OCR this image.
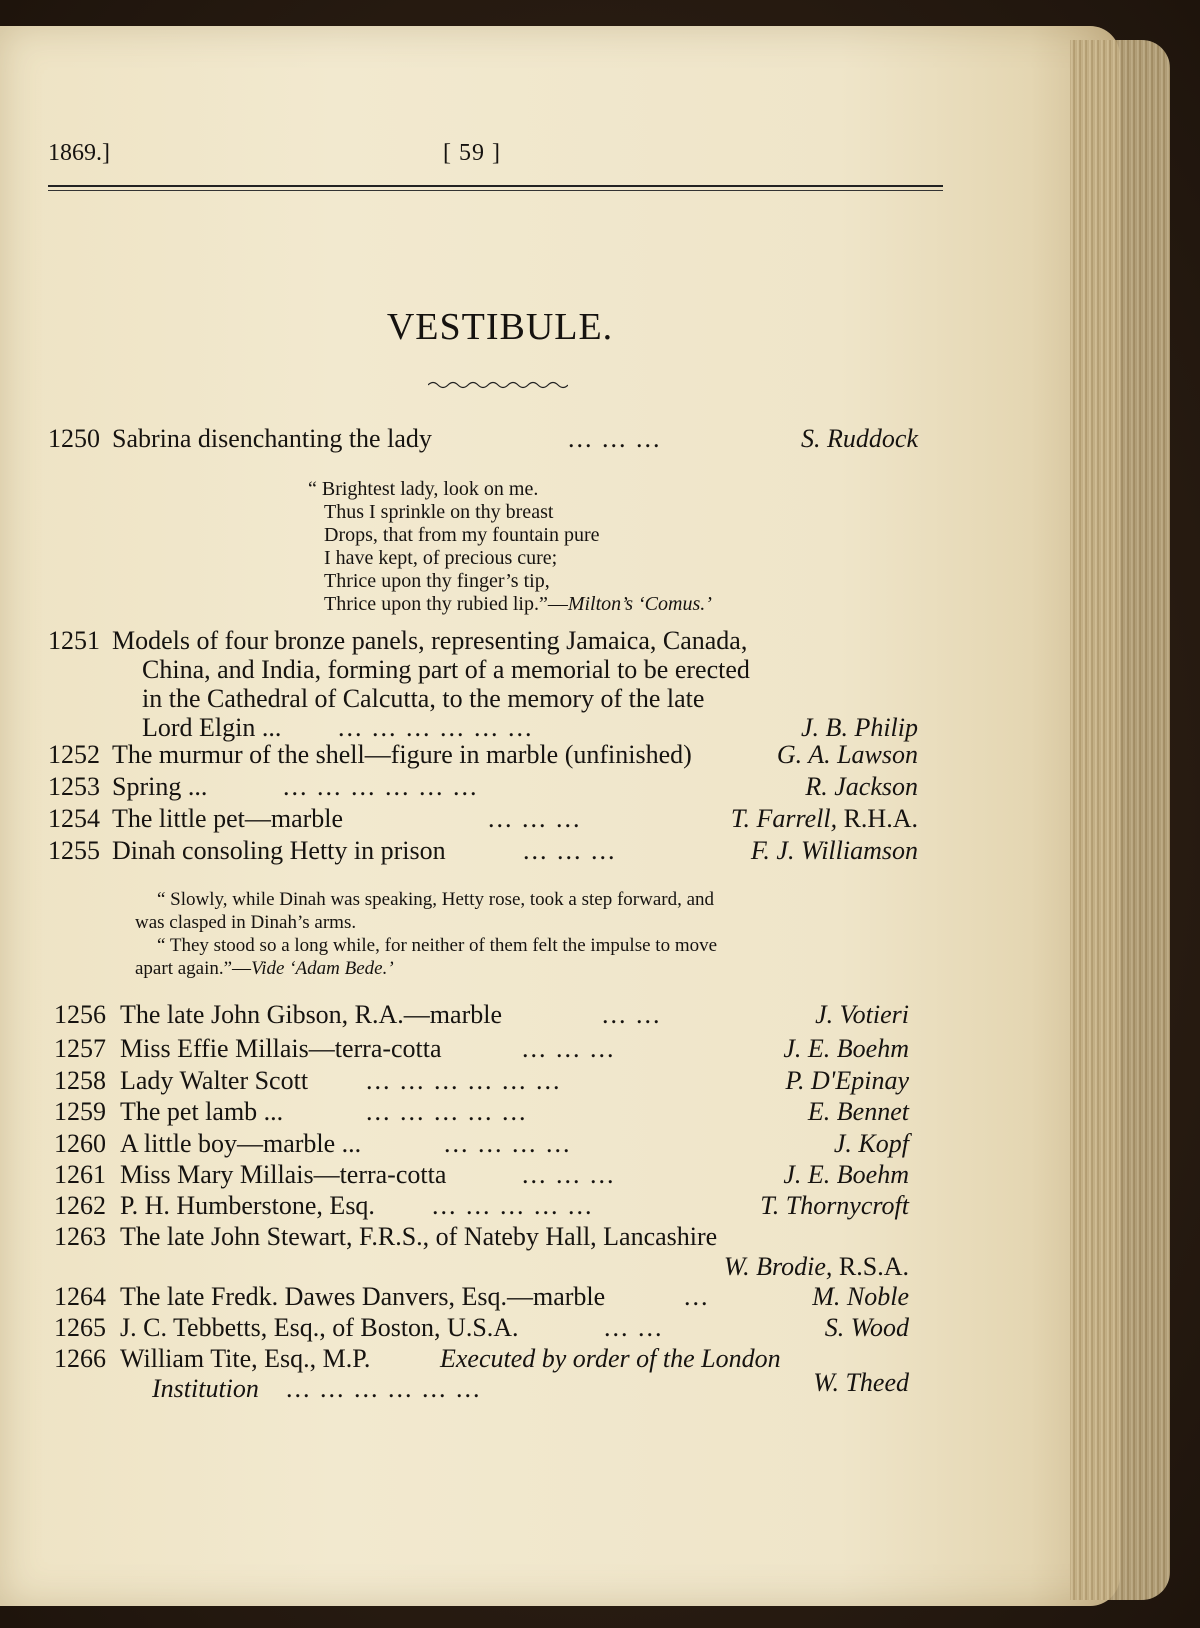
1869.]	[ 59 ]
VESTIBULE.
1250 Sabrina disenchanting the lady	... ... ...	S. Ruddock
“ Brightest lady, look on me.
Thus I sprinkle on thy breast
Drops, that from my fountain pure
I have kept, of precious cure;
Thrice upon thy finger’s tip,
Thrice upon thy rubied lip.”—Milton’s ‘Comus.’
1251 Models of four bronze panels, representing Jamaica, Canada,
China, and India, forming part of a memorial to be erected
in the Cathedral of Calcutta, to the memory of the late
Lord Elgin ... ... ... ... ... ... ...	J. B. Philip
1252 The murmur of the shell—figure in marble (unfinished)	G. A. Lawson
1253 Spring ...	... ... ... ... ... ...	R. Jackson
1254 The little pet—marble	... ... ...	T. Farrell, R.H.A.
1255 Dinah consoling Hetty in prison	... ... ...	F. J. Williamson
“ Slowly, while Dinah was speaking, Hetty rose, took a step forward, and
was clasped in Dinah’s arms.
“ They stood so a long while, for neither of them felt the impulse to move
apart again.”—Vide ‘Adam Bede.’
1256 The late John Gibson, R.A.—marble	... ...	J. Votieri
1257 Miss Effie Millais—terra-cotta	... ... ...	J. E. Boehm
1258 Lady Walter Scott ... ... ... ... ... ...	P. D'Epinay
1259 The pet lamb ...	... ... ... ... ...	E. Bennet
1260 A little boy—marble ...	... ... ... ...	J. Kopf
1261 Miss Mary Millais—terra-cotta	... ... ...	J. E. Boehm
1262 P. H. Humberstone, Esq. ... ... ... ... ...	T. Thornycroft
1263 The late John Stewart, F.R.S., of Nateby Hall, Lancashire
W. Brodie, R.S.A.
1264 The late Fredk. Dawes Danvers, Esq.—marble	...	M. Noble
1265 J. C. Tebbetts, Esq., of Boston, U.S.A.	... ...	S. Wood
1266 William Tite, Esq., M.P.	Executed by order of the London
Institution ... ... ... ... ... ...	W. Theed
